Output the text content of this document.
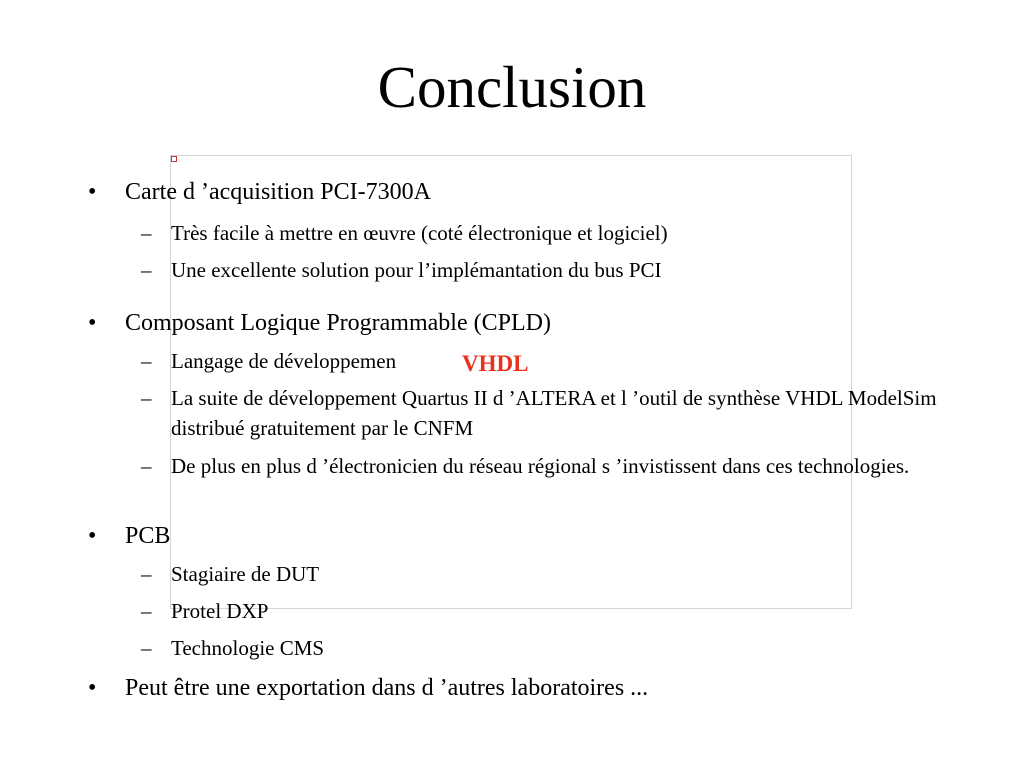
Conclusion
...
• Carte d ’acquisition PCI-7300A
– Très facile à mettre en œuvre (coté électronique et logiciel)
– Une excellente solution pour l’implémantation du bus PCI
• Composant Logique Programmable (CPLD)
– Langage de développemen
– La suite de développement Quartus II d ’ALTERA et l ’outil de synthèse VHDL ModelSim distribué gratuitement par le CNFM
– De plus en plus d ’électronicien du réseau régional s ’invistissent dans ces technologies.
• PCB
– Stagiaire de DUT
– Protel DXP
– Technologie CMS
• Peut être une exportation dans d ’autres laboratoires ...
VHDL
